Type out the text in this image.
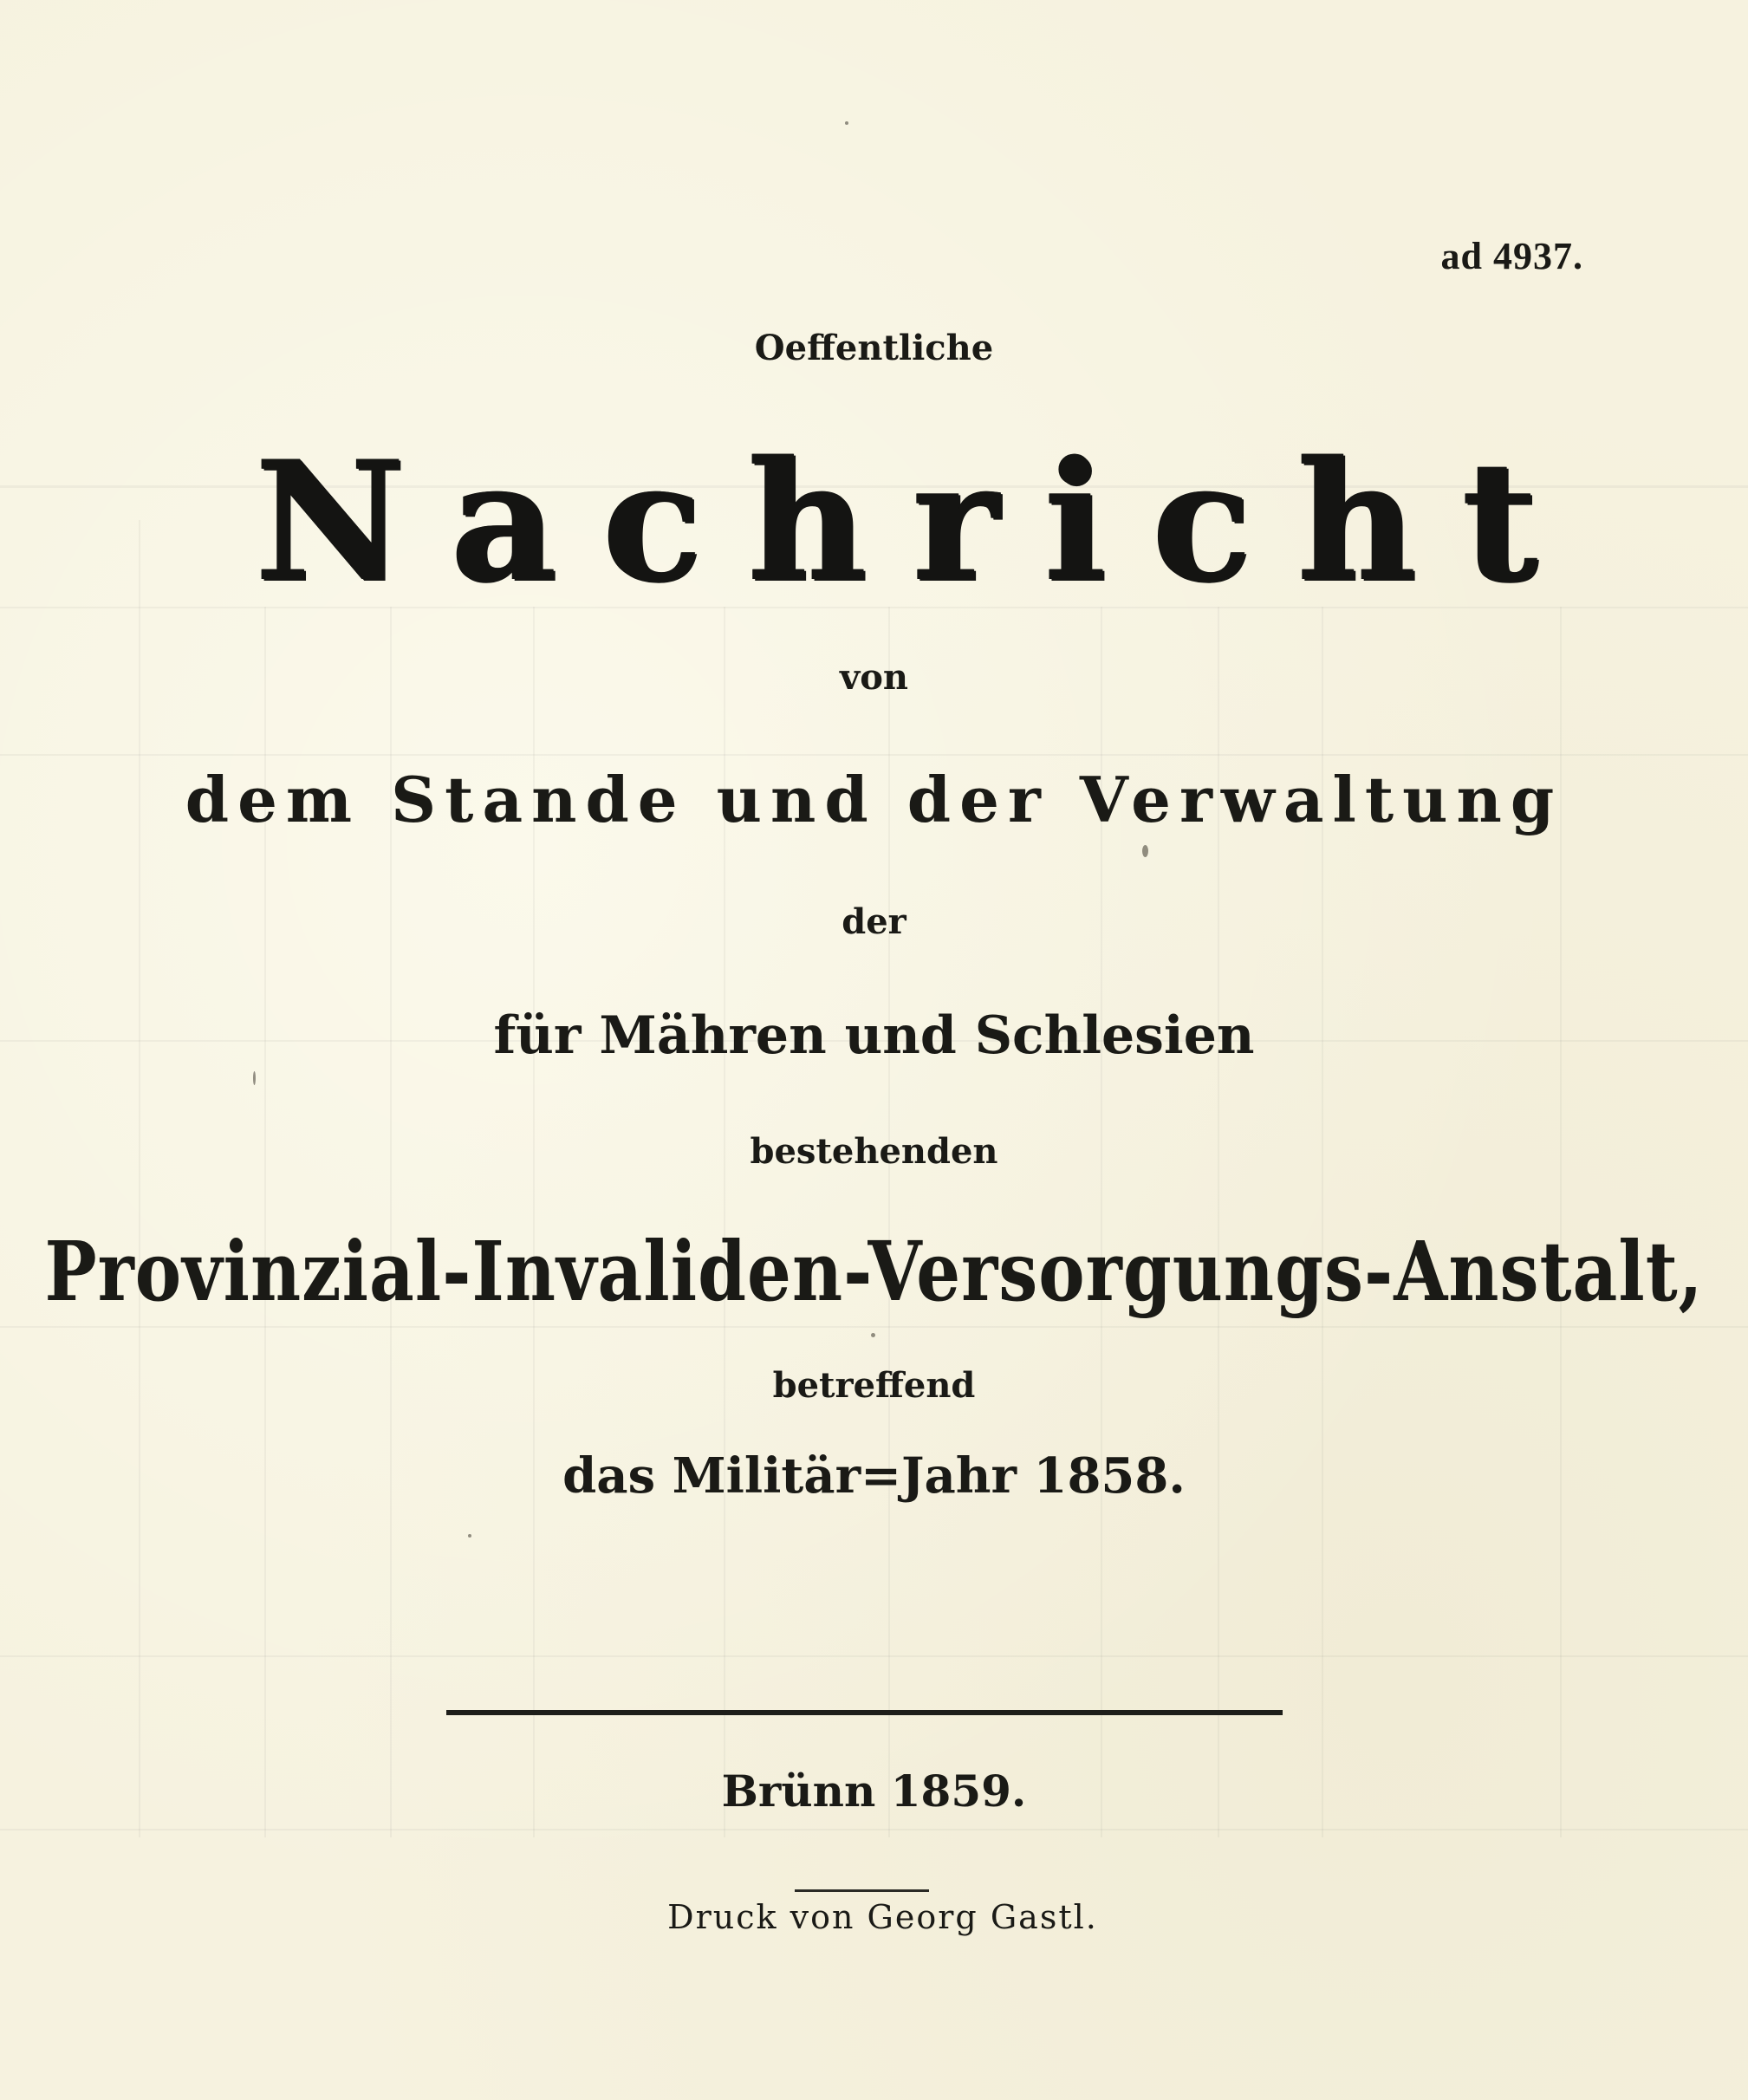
ad 4937.
Oeffentliche
Nachricht
von
dem Stande und der Verwaltung
der
für Mähren und Schlesien
bestehenden
Provinzial-Invaliden-Versorgungs-Anstalt,
betreffend
das Militär=Jahr 1858.
Brünn 1859.
Druck von Georg Gastl.
